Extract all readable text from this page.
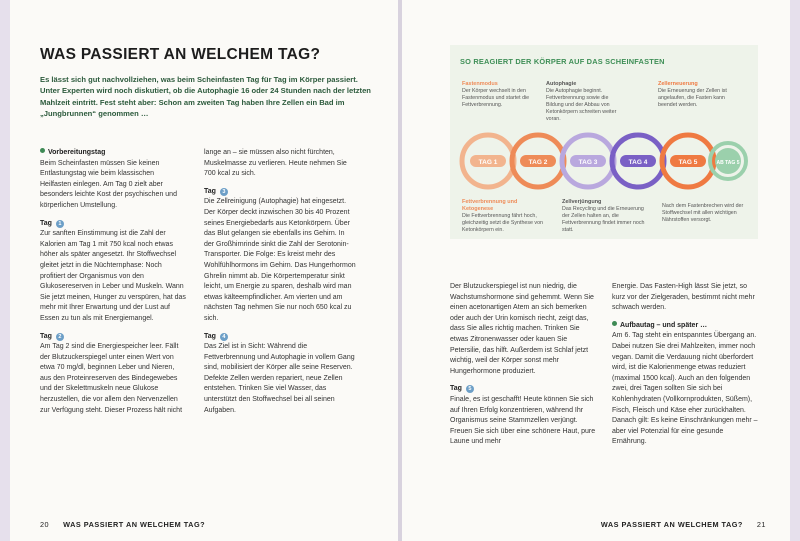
WAS PASSIERT AN WELCHEM TAG?
Es lässt sich gut nachvollziehen, was beim Scheinfasten Tag für Tag im Körper passiert. Unter Experten wird noch diskutiert, ob die Autophagie 16 oder 24 Stunden nach der letzten Mahlzeit eintritt. Fest steht aber: Schon am zweiten Tag haben Ihre Zellen ein Bad im „Jungbrunnen“ genommen …

Vorbereitungstag
Beim Scheinfasten müssen Sie keinen Entlastungstag wie beim klassischen Heilfasten einlegen. Am Tag 0 zielt aber besonders leichte Kost der psychischen und körperlichen Umstellung.

Tag 1
Zur sanften Einstimmung ist die Zahl der Kalorien am Tag 1 mit 750 kcal noch etwas höher als später angesetzt. Ihr Stoffwechsel gleitet jetzt in die Nüchternphase: Noch profitiert der Organismus von den Glukosereserven in Leber und Muskeln. Wann Sie jetzt meinen, Hunger zu verspüren, hat das mehr mit Ihrer Erwartung und der Lust auf Essen zu tun als mit Energiemangel.

Tag 2
Am Tag 2 sind die Energiespeicher leer. Fällt der Blutzuckerspiegel unter einen Wert von etwa 70 mg/dl, beginnen Leber und Nieren, aus den Proteinreserven des Bindegewebes und der Skelettmuskeln neue Glukose herzustellen, die vor allem den Nervenzellen zur Verfügung steht. Dieser Prozess hält nicht

lange an – sie müssen also nicht fürchten, Muskelmasse zu verlieren. Heute nehmen Sie 700 kcal zu sich.

Tag 3
Die Zellreinigung (Autophagie) hat eingesetzt. Der Körper deckt inzwischen 30 bis 40 Prozent seines Energiebedarfs aus Ketonkörpern. Über das Blut gelangen sie ebenfalls ins Gehirn. In der Großhirnrinde sinkt die Zahl der Serotonin-Transporter. Die Folge: Es kreist mehr des Wohlfühlhormons im Gehirn. Das Hungerhormon Ghrelin nimmt ab. Die Körpertemperatur sinkt leicht, um Energie zu sparen, deshalb wird man etwas kälteempfindlicher. Am vierten und am nächsten Tag nehmen Sie nur noch 650 kcal zu sich.

Tag 4
Das Ziel ist in Sicht: Während die Fettverbrennung und Autophagie in vollem Gang sind, mobilisiert der Körper alle seine Reserven. Defekte Zellen werden repariert, neue Zellen entstehen. Trinken Sie viel Wasser, das unterstützt den Stoffwechsel bei all seinen Aufgaben.

20 WAS PASSIERT AN WELCHEM TAG?
SO REAGIERT DER KÖRPER AUF DAS SCHEINFASTEN
Fastenmodus
Der Körper wechselt in den Fastenmodus und startet die Fettverbrennung.
Autophagie
Die Autophagie beginnt. Fettverbrennung sowie die Bildung und der Abbau von Ketonkörpern schreiten weiter voran.
Zellerneuerung
Die Erneuerung der Zellen ist angelaufen, die Fasten kann beendet werden.
TAG 1	TAG 2	TAG 3	TAG 4	TAG 5	AB TAG 5
Fettverbrennung und Ketogenese
Die Fettverbrennung fährt hoch, gleichzeitig setzt die Synthese von Ketonkörpern ein.
Zellverjüngung
Das Recycling und die Erneuerung der Zellen halten an, die Fettverbrennung findet immer noch statt.
Nach dem Fastenbrechen wird der Stoffwechsel mit allen wichtigen Nährstoffen versorgt.

Der Blutzuckerspiegel ist nun niedrig, die Wachstumshormone sind gehemmt. Wenn Sie einen acetonartigen Atem an sich bemerken oder auch der Urin komisch riecht, zeigt das, dass Sie alles richtig machen. Trinken Sie etwas Zitronenwasser oder kauen Sie Petersilie, das hilft. Außerdem ist Schlaf jetzt wichtig, weil der Körper sonst mehr Hungerhormone produziert.

Tag 5
Finale, es ist geschafft! Heute können Sie sich auf Ihren Erfolg konzentrieren, während Ihr Organismus seine Stammzellen verjüngt. Freuen Sie sich über eine schönere Haut, pure Laune und mehr

Energie. Das Fasten-High lässt Sie jetzt, so kurz vor der Zielgeraden, bestimmt nicht mehr schwach werden.

Aufbautag – und später …
Am 6. Tag steht ein entspanntes Übergang an. Dabei nutzen Sie drei Mahlzeiten, immer noch vegan. Damit die Verdauung nicht überfordert wird, ist die Kalorienmenge etwas reduziert (maximal 1500 kcal). Auch an den folgenden zwei, drei Tagen sollten Sie sich bei Kohlenhydraten (Vollkornprodukten, Süßem), Fisch, Fleisch und Käse eher zurückhalten. Danach gilt: Es keine Einschränkungen mehr – aber viel Potenzial für eine gesunde Ernährung.

WAS PASSIERT AN WELCHEM TAG? 21
